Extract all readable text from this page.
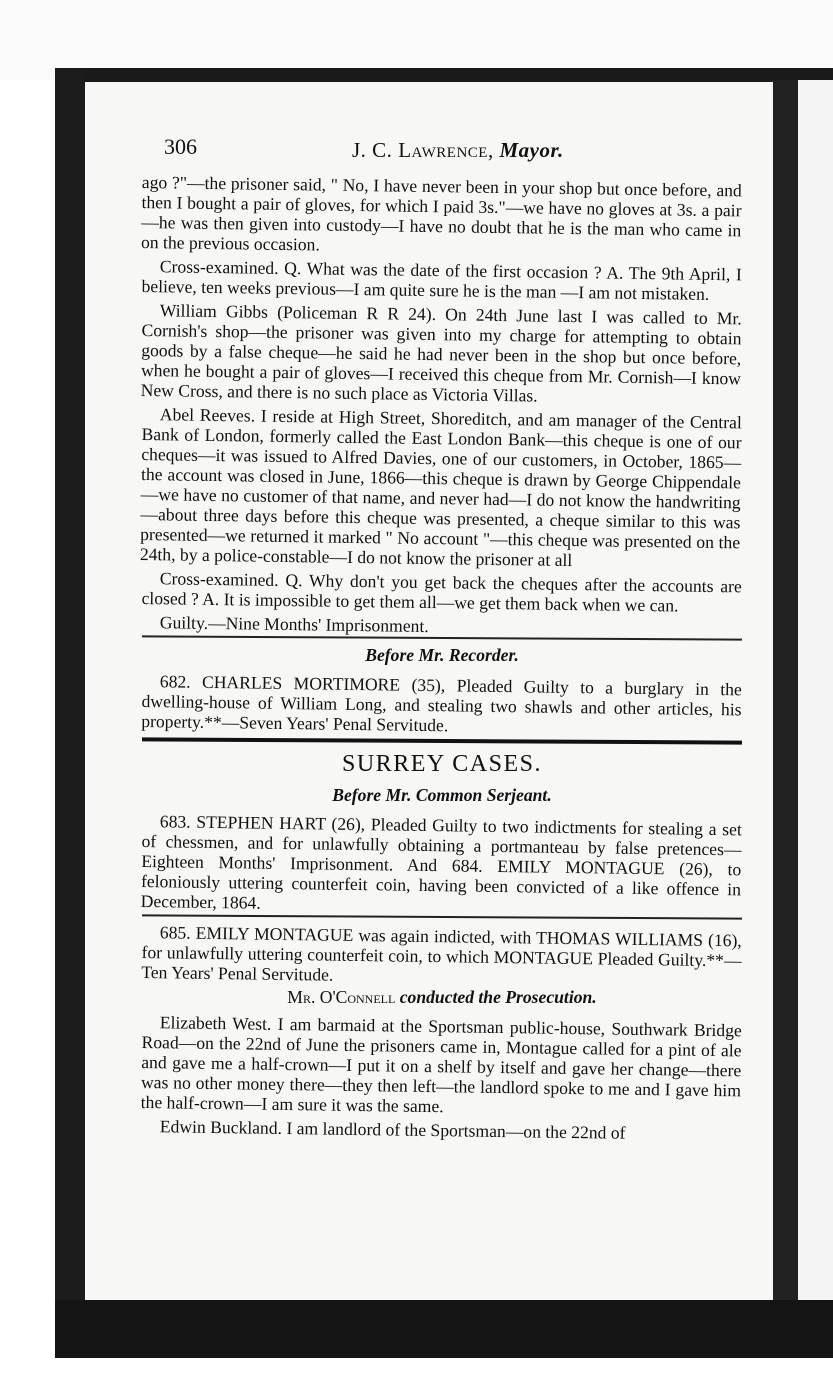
306	J. C. Lawrence, Mayor.

ago ?"—the prisoner said, " No, I have never been in your shop but once before, and then I bought a pair of gloves, for which I paid 3s."—we have no gloves at 3s. a pair—he was then given into custody—I have no doubt that he is the man who came in on the previous occasion.

Cross-examined. Q. What was the date of the first occasion ? A. The 9th April, I believe, ten weeks previous—I am quite sure he is the man —I am not mistaken.

William Gibbs (Policeman R R 24). On 24th June last I was called to Mr. Cornish's shop—the prisoner was given into my charge for attempting to obtain goods by a false cheque—he said he had never been in the shop but once before, when he bought a pair of gloves—I received this cheque from Mr. Cornish—I know New Cross, and there is no such place as Victoria Villas.

Abel Reeves. I reside at High Street, Shoreditch, and am manager of the Central Bank of London, formerly called the East London Bank—this cheque is one of our cheques—it was issued to Alfred Davies, one of our customers, in October, 1865—the account was closed in June, 1866—this cheque is drawn by George Chippendale—we have no customer of that name, and never had—I do not know the handwriting—about three days before this cheque was presented, a cheque similar to this was presented—we returned it marked " No account "—this cheque was presented on the 24th, by a police-constable—I do not know the prisoner at all

Cross-examined. Q. Why don't you get back the cheques after the accounts are closed ? A. It is impossible to get them all—we get them back when we can.

Guilty.—Nine Months' Imprisonment.

Before Mr. Recorder.

682. CHARLES MORTIMORE (35), Pleaded Guilty to a burglary in the dwelling-house of William Long, and stealing two shawls and other articles, his property.**—Seven Years' Penal Servitude.

SURREY CASES.
Before Mr. Common Serjeant.

683. STEPHEN HART (26), Pleaded Guilty to two indictments for stealing a set of chessmen, and for unlawfully obtaining a portmanteau by false pretences—Eighteen Months' Imprisonment. And 684. EMILY MONTAGUE (26), to feloniously uttering counterfeit coin, having been convicted of a like offence in December, 1864.

685. EMILY MONTAGUE was again indicted, with THOMAS WILLIAMS (16), for unlawfully uttering counterfeit coin, to which MONTAGUE Pleaded Guilty.**—Ten Years' Penal Servitude.

Mr. O'Connell conducted the Prosecution.

Elizabeth West. I am barmaid at the Sportsman public-house, Southwark Bridge Road—on the 22nd of June the prisoners came in, Montague called for a pint of ale and gave me a half-crown—I put it on a shelf by itself and gave her change—there was no other money there—they then left—the landlord spoke to me and I gave him the half-crown—I am sure it was the same.

Edwin Buckland. I am landlord of the Sportsman—on the 22nd of
